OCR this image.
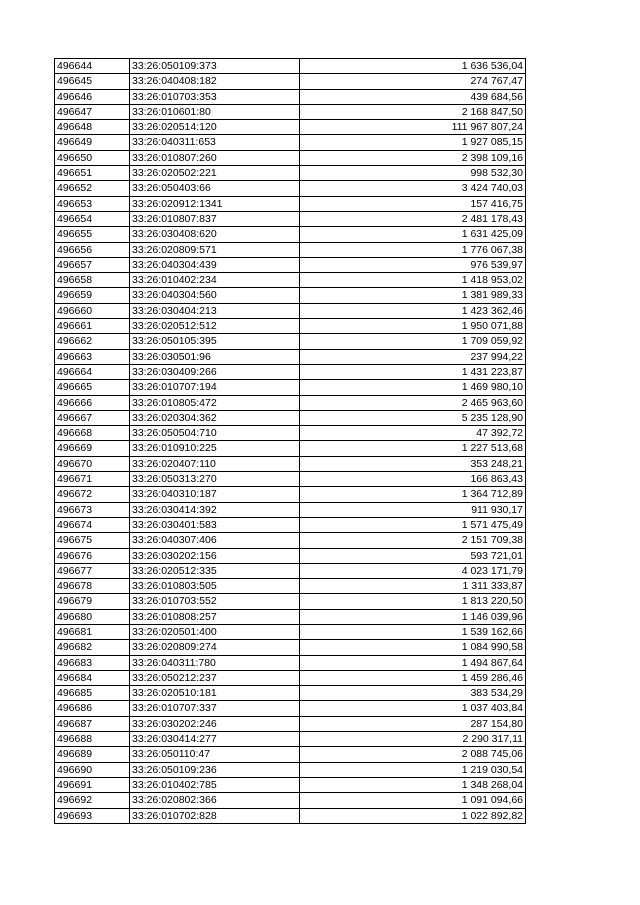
496644	33:26:050109:373	1 636 536,04
496645	33:26:040408:182	274 767,47
496646	33:26:010703:353	439 684,56
496647	33:26:010601:80	2 168 847,50
496648	33:26:020514:120	111 967 807,24
496649	33:26:040311:653	1 927 085,15
496650	33:26:010807:260	2 398 109,16
496651	33:26:020502:221	998 532,30
496652	33:26:050403:66	3 424 740,03
496653	33:26:020912:1341	157 416,75
496654	33:26:010807:837	2 481 178,43
496655	33:26:030408:620	1 631 425,09
496656	33:26:020809:571	1 776 067,38
496657	33:26:040304:439	976 539,97
496658	33:26:010402:234	1 418 953,02
496659	33:26:040304:560	1 381 989,33
496660	33:26:030404:213	1 423 362,46
496661	33:26:020512:512	1 950 071,88
496662	33:26:050105:395	1 709 059,92
496663	33:26:030501:96	237 994,22
496664	33:26:030409:266	1 431 223,87
496665	33:26:010707:194	1 469 980,10
496666	33:26:010805:472	2 465 963,60
496667	33:26:020304:362	5 235 128,90
496668	33:26:050504:710	47 392,72
496669	33:26:010910:225	1 227 513,68
496670	33:26:020407:110	353 248,21
496671	33:26:050313:270	166 863,43
496672	33:26:040310:187	1 364 712,89
496673	33:26:030414:392	911 930,17
496674	33:26:030401:583	1 571 475,49
496675	33:26:040307:406	2 151 709,38
496676	33:26:030202:156	593 721,01
496677	33:26:020512:335	4 023 171,79
496678	33:26:010803:505	1 311 333,87
496679	33:26:010703:552	1 813 220,50
496680	33:26:010808:257	1 146 039,96
496681	33:26:020501:400	1 539 162,66
496682	33:26:020809:274	1 084 990,58
496683	33:26:040311:780	1 494 867,64
496684	33:26:050212:237	1 459 286,46
496685	33:26:020510:181	383 534,29
496686	33:26:010707:337	1 037 403,84
496687	33:26:030202:246	287 154,80
496688	33:26:030414:277	2 290 317,11
496689	33:26:050110:47	2 088 745,06
496690	33:26:050109:236	1 219 030,54
496691	33:26:010402:785	1 348 268,04
496692	33:26:020802:366	1 091 094,66
496693	33:26:010702:828	1 022 892,82
